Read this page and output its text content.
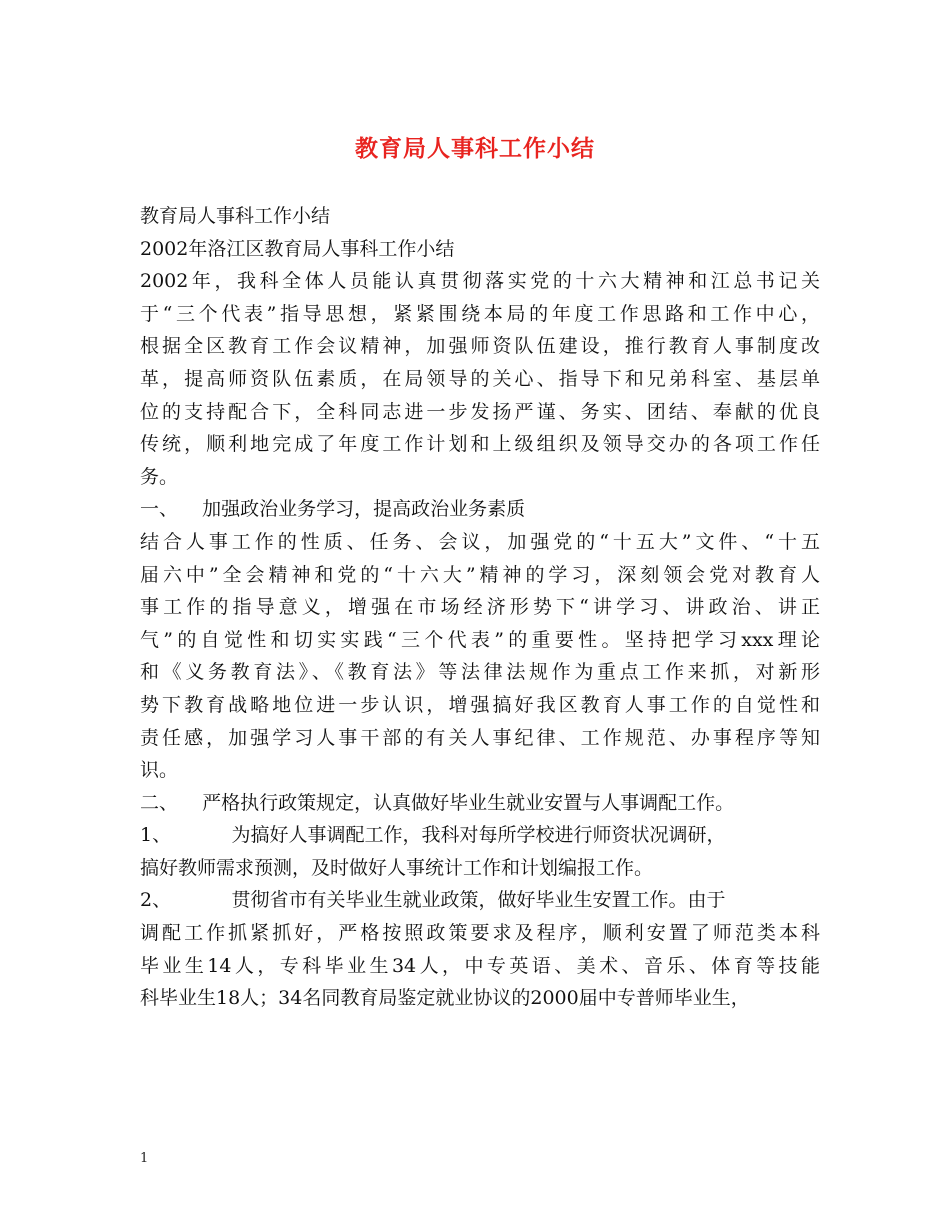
教育局人事科工作小结
教育局人事科工作小结
2002年洛江区教育局人事科工作小结
2002年，我科全体人员能认真贯彻落实党的十六大精神和江总书记关
于“三个代表”指导思想，紧紧围绕本局的年度工作思路和工作中心，
根据全区教育工作会议精神，加强师资队伍建设，推行教育人事制度改
革，提高师资队伍素质，在局领导的关心、指导下和兄弟科室、基层单
位的支持配合下，全科同志进一步发扬严谨、务实、团结、奉献的优良
传统，顺利地完成了年度工作计划和上级组织及领导交办的各项工作任
务。
一、    加强政治业务学习，提高政治业务素质
结合人事工作的性质、任务、会议，加强党的“十五大”文件、“十五
届六中”全会精神和党的“十六大”精神的学习，深刻领会党对教育人
事工作的指导意义，增强在市场经济形势下“讲学习、讲政治、讲正
气”的自觉性和切实实践“三个代表”的重要性。坚持把学习xxx理论
和《义务教育法》、《教育法》等法律法规作为重点工作来抓，对新形
势下教育战略地位进一步认识，增强搞好我区教育人事工作的自觉性和
责任感，加强学习人事干部的有关人事纪律、工作规范、办事程序等知
识。
二、    严格执行政策规定，认真做好毕业生就业安置与人事调配工作。
1、          为搞好人事调配工作，我科对每所学校进行师资状况调研，
搞好教师需求预测，及时做好人事统计工作和计划编报工作。
2、          贯彻省市有关毕业生就业政策，做好毕业生安置工作。由于
调配工作抓紧抓好，严格按照政策要求及程序，顺利安置了师范类本科
毕业生14人，专科毕业生34人，中专英语、美术、音乐、体育等技能
科毕业生18人；34名同教育局鉴定就业协议的2000届中专普师毕业生，
1
